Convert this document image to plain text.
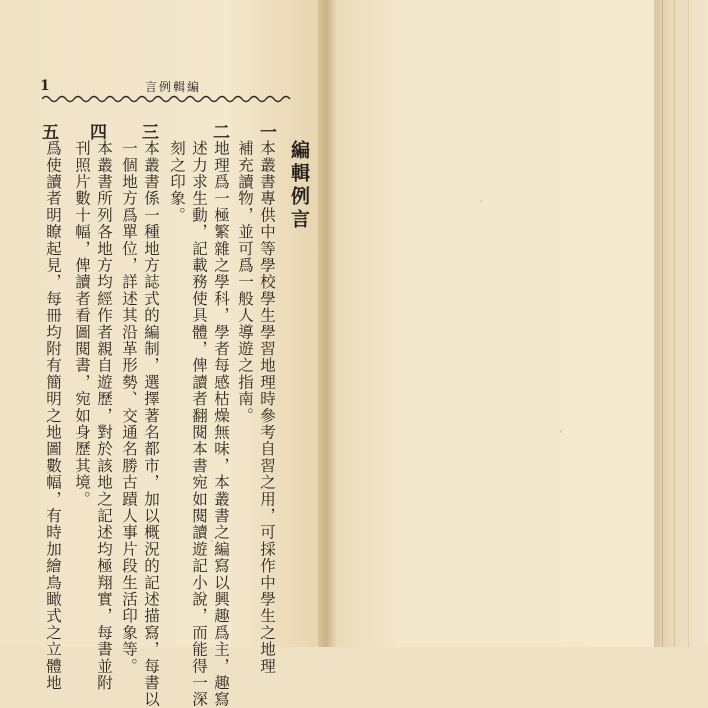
1	言例輯編
編輯例言
一
本叢書專供中等學校學生學習地理時參考自習之用，可採作中學生之地理
補充讀物，並可爲一般人導遊之指南。
二
地理爲一極繁雜之學科，學者每感枯燥無味，本叢書之編寫以興趣爲主，趣寫
述力求生動，記載務使具體，俾讀者翻閱本書宛如閱讀遊記小說，而能得一深
刻之印象。
三
本叢書係一種地方誌式的編制，選擇著名都市，加以概況的記述描寫，每書以
一個地方爲單位，詳述其沿革形勢、交通名勝古蹟人事片段生活印象等。
四
本叢書所列各地方均經作者親自遊歷，對於該地之記述均極翔實，每書並附
刊照片數十幅，俾讀者看圖閱書，宛如身歷其境。
五
爲使讀者明瞭起見，每冊均附有簡明之地圖數幅，有時加繪鳥瞰式之立體地
